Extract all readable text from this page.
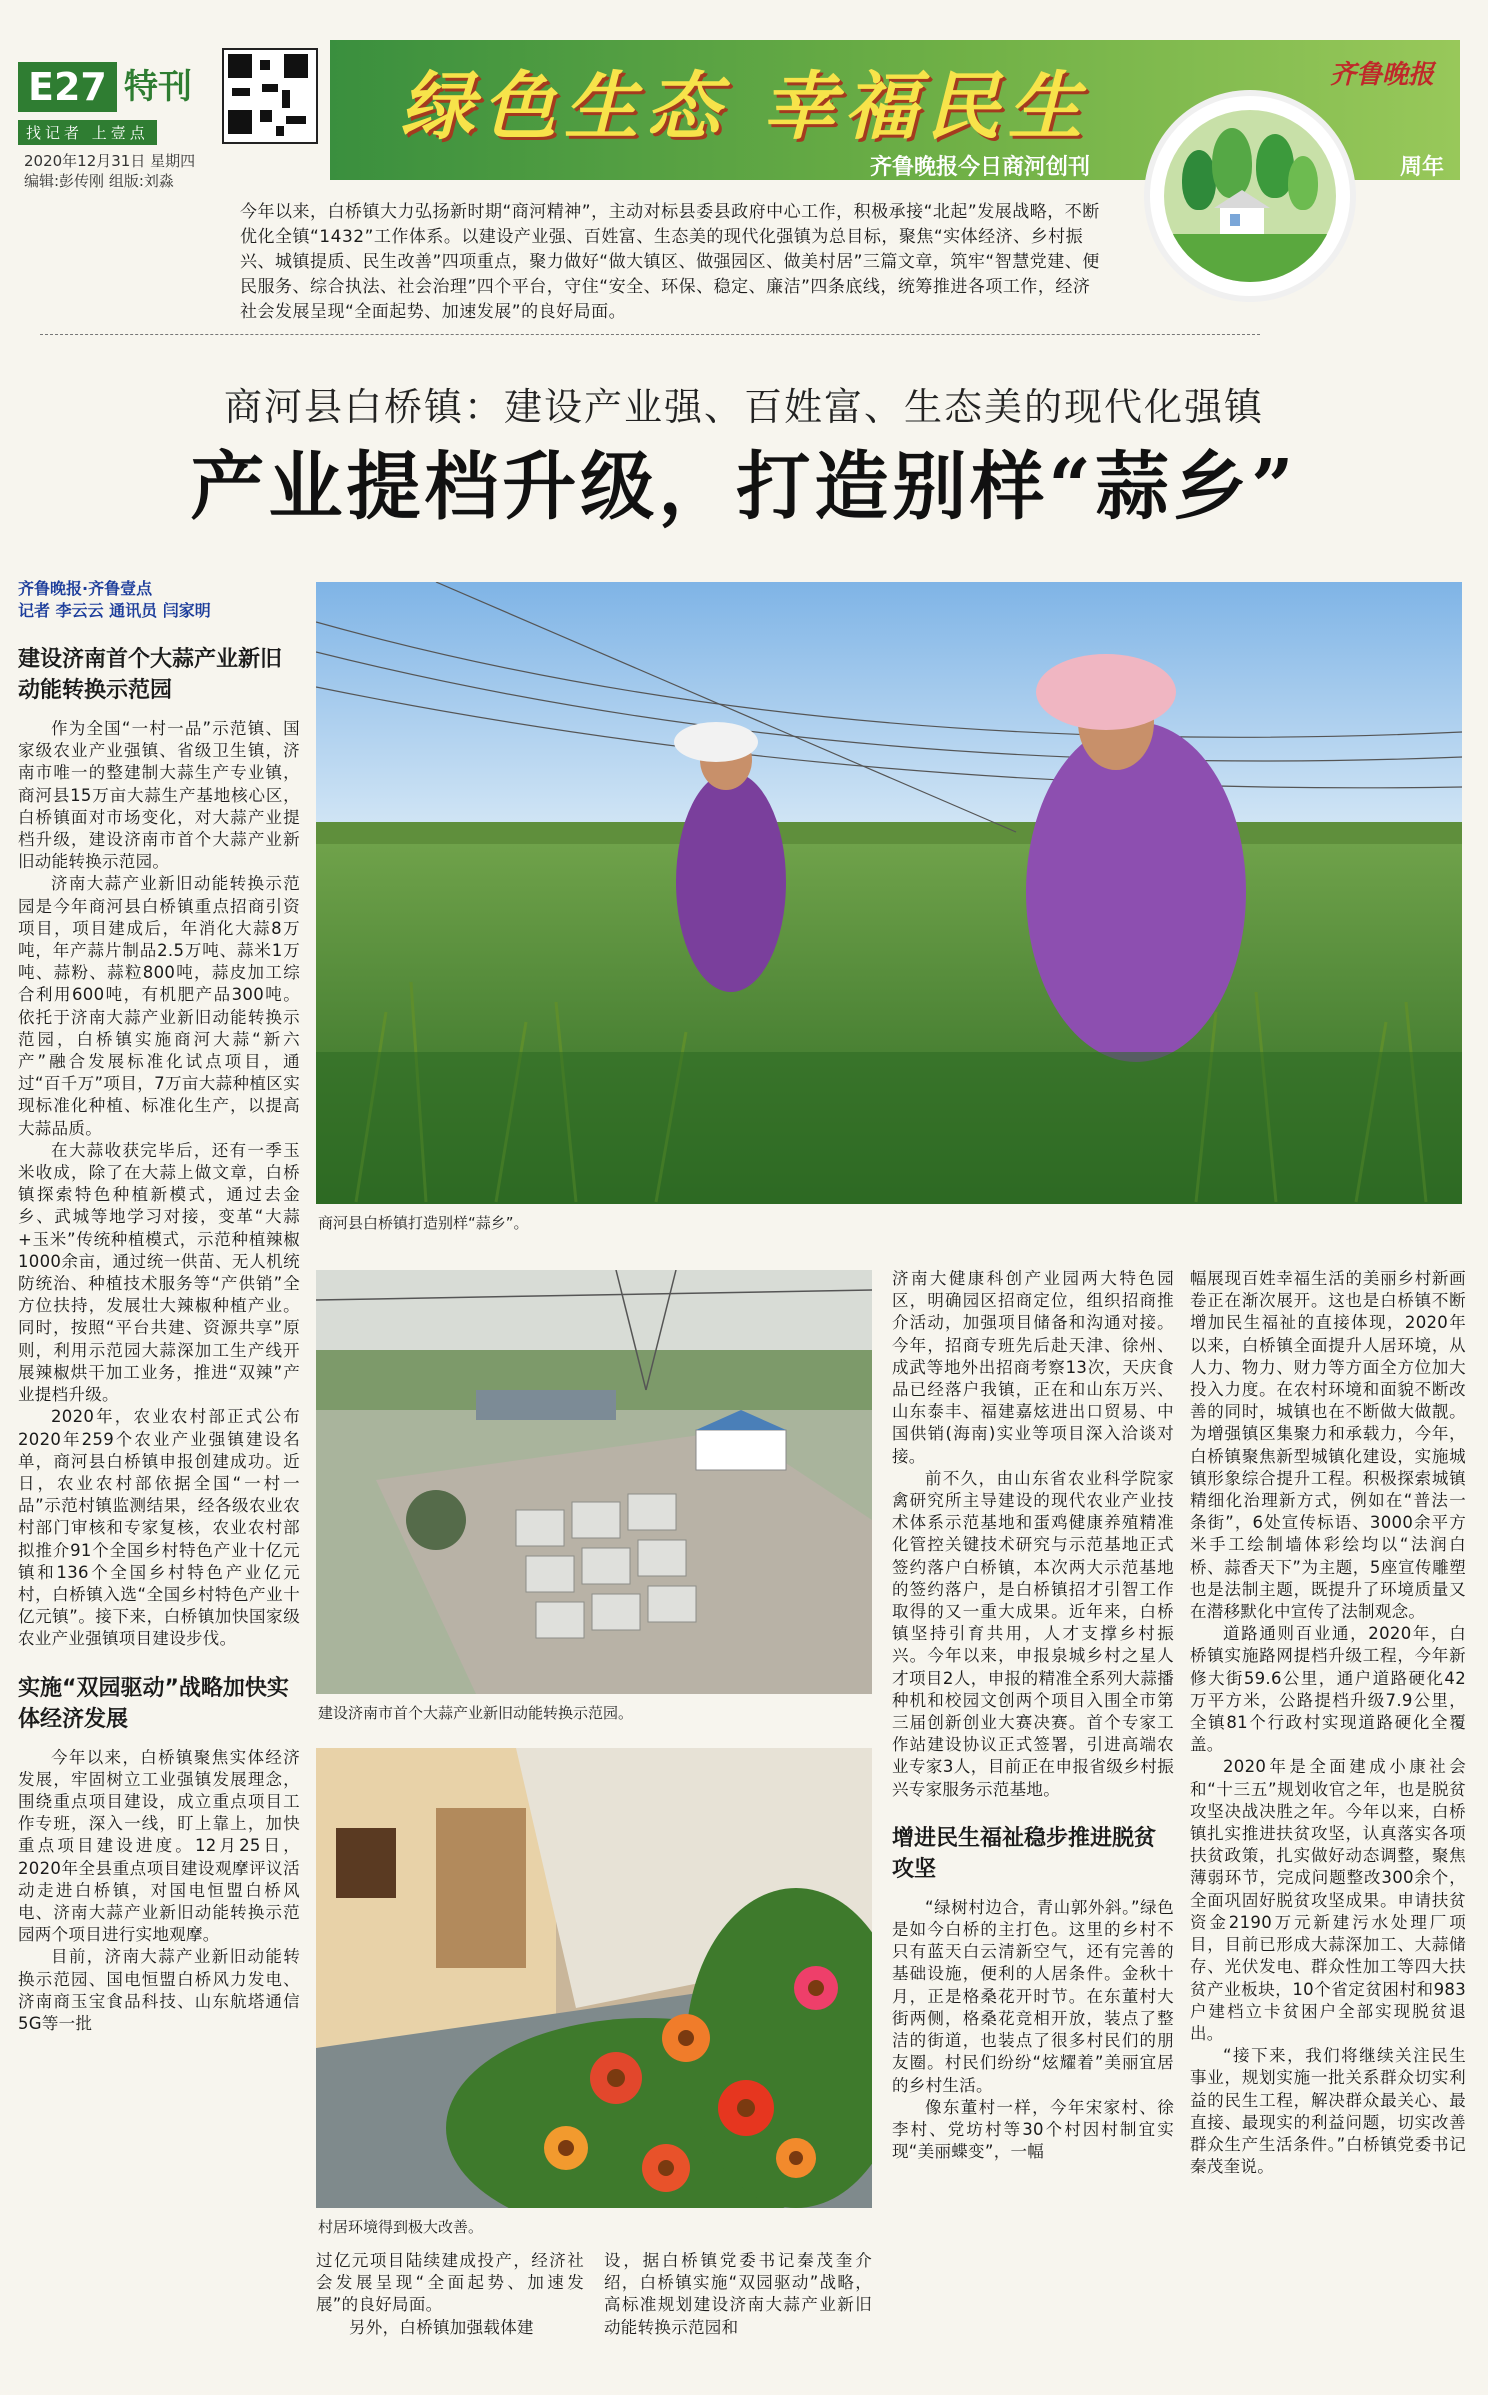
E27 特刊
找记者 上壹点
2020年12月31日 星期四
编辑:彭传刚 组版:刘淼
绿色生态 幸福民生
齐鲁晚报今日商河创刊	周年
齐鲁晚报
今年以来，白桥镇大力弘扬新时期“商河精神”，主动对标县委县政府中心工作，积极承接“北起”发展战略，不断优化全镇“1432”工作体系。以建设产业强、百姓富、生态美的现代化强镇为总目标，聚焦“实体经济、乡村振兴、城镇提质、民生改善”四项重点，聚力做好“做大镇区、做强园区、做美村居”三篇文章，筑牢“智慧党建、便民服务、综合执法、社会治理”四个平台，守住“安全、环保、稳定、廉洁”四条底线，统筹推进各项工作，经济社会发展呈现“全面起势、加速发展”的良好局面。
商河县白桥镇：建设产业强、百姓富、生态美的现代化强镇
产业提档升级，打造别样“蒜乡”
齐鲁晚报·齐鲁壹点
记者 李云云 通讯员 闫家明
建设济南首个大蒜产业新旧动能转换示范园

作为全国“一村一品”示范镇、国家级农业产业强镇、省级卫生镇，济南市唯一的整建制大蒜生产专业镇，商河县15万亩大蒜生产基地核心区，白桥镇面对市场变化，对大蒜产业提档升级，建设济南市首个大蒜产业新旧动能转换示范园。

济南大蒜产业新旧动能转换示范园是今年商河县白桥镇重点招商引资项目，项目建成后，年消化大蒜8万吨，年产蒜片制品2.5万吨、蒜米1万吨、蒜粉、蒜粒800吨，蒜皮加工综合利用600吨，有机肥产品300吨。依托于济南大蒜产业新旧动能转换示范园，白桥镇实施商河大蒜“新六产”融合发展标准化试点项目，通过“百千万”项目，7万亩大蒜种植区实现标准化种植、标准化生产，以提高大蒜品质。

在大蒜收获完毕后，还有一季玉米收成，除了在大蒜上做文章，白桥镇探索特色种植新模式，通过去金乡、武城等地学习对接，变革“大蒜+玉米”传统种植模式，示范种植辣椒1000余亩，通过统一供苗、无人机统防统治、种植技术服务等“产供销”全方位扶持，发展壮大辣椒种植产业。同时，按照“平台共建、资源共享”原则，利用示范园大蒜深加工生产线开展辣椒烘干加工业务，推进“双辣”产业提档升级。

2020年，农业农村部正式公布2020年259个农业产业强镇建设名单，商河县白桥镇申报创建成功。近日，农业农村部依据全国“一村一品”示范村镇监测结果，经各级农业农村部门审核和专家复核，农业农村部拟推介91个全国乡村特色产业十亿元镇和136个全国乡村特色产业亿元村，白桥镇入选“全国乡村特色产业十亿元镇”。接下来，白桥镇加快国家级农业产业强镇项目建设步伐。

实施“双园驱动”战略加快实体经济发展

今年以来，白桥镇聚焦实体经济发展，牢固树立工业强镇发展理念，围绕重点项目建设，成立重点项目工作专班，深入一线，盯上靠上，加快重点项目建设进度。12月25日，2020年全县重点项目建设观摩评议活动走进白桥镇，对国电恒盟白桥风电、济南大蒜产业新旧动能转换示范园两个项目进行实地观摩。

目前，济南大蒜产业新旧动能转换示范园、国电恒盟白桥风力发电、济南商玉宝食品科技、山东航塔通信5G等一批

商河县白桥镇打造别样“蒜乡”。
建设济南市首个大蒜产业新旧动能转换示范园。
村居环境得到极大改善。

过亿元项目陆续建成投产，经济社会发展呈现“全面起势、加速发展”的良好局面。

另外，白桥镇加强载体建

设，据白桥镇党委书记秦茂奎介绍，白桥镇实施“双园驱动”战略，高标准规划建设济南大蒜产业新旧动能转换示范园和

济南大健康科创产业园两大特色园区，明确园区招商定位，组织招商推介活动，加强项目储备和沟通对接。今年，招商专班先后赴天津、徐州、成武等地外出招商考察13次，天庆食品已经落户我镇，正在和山东万兴、山东泰丰、福建嘉炫进出口贸易、中国供销(海南)实业等项目深入洽谈对接。

前不久，由山东省农业科学院家禽研究所主导建设的现代农业产业技术体系示范基地和蛋鸡健康养殖精准化管控关键技术研究与示范基地正式签约落户白桥镇，本次两大示范基地的签约落户，是白桥镇招才引智工作取得的又一重大成果。近年来，白桥镇坚持引育共用，人才支撑乡村振兴。今年以来，申报泉城乡村之星人才项目2人，申报的精准全系列大蒜播种机和校园文创两个项目入围全市第三届创新创业大赛决赛。首个专家工作站建设协议正式签署，引进高端农业专家3人，目前正在申报省级乡村振兴专家服务示范基地。

增进民生福祉稳步推进脱贫攻坚

“绿树村边合，青山郭外斜。”绿色是如今白桥的主打色。这里的乡村不只有蓝天白云清新空气，还有完善的基础设施，便利的人居条件。金秋十月，正是格桑花开时节。在东董村大街两侧，格桑花竞相开放，装点了整洁的街道，也装点了很多村民们的朋友圈。村民们纷纷“炫耀着”美丽宜居的乡村生活。

像东董村一样，今年宋家村、徐李村、党坊村等30个村因村制宜实现“美丽蝶变”，一幅

幅展现百姓幸福生活的美丽乡村新画卷正在渐次展开。这也是白桥镇不断增加民生福祉的直接体现，2020年以来，白桥镇全面提升人居环境，从人力、物力、财力等方面全方位加大投入力度。在农村环境和面貌不断改善的同时，城镇也在不断做大做靓。为增强镇区集聚力和承载力，今年，白桥镇聚焦新型城镇化建设，实施城镇形象综合提升工程。积极探索城镇精细化治理新方式，例如在“普法一条街”，6处宣传标语、3000余平方米手工绘制墙体彩绘均以“法润白桥、蒜香天下”为主题，5座宣传雕塑也是法制主题，既提升了环境质量又在潜移默化中宣传了法制观念。

道路通则百业通，2020年，白桥镇实施路网提档升级工程，今年新修大街59.6公里，通户道路硬化42万平方米，公路提档升级7.9公里，全镇81个行政村实现道路硬化全覆盖。

2020年是全面建成小康社会和“十三五”规划收官之年，也是脱贫攻坚决战决胜之年。今年以来，白桥镇扎实推进扶贫攻坚，认真落实各项扶贫政策，扎实做好动态调整，聚焦薄弱环节，完成问题整改300余个，全面巩固好脱贫攻坚成果。申请扶贫资金2190万元新建污水处理厂项目，目前已形成大蒜深加工、大蒜储存、光伏发电、群众性加工等四大扶贫产业板块，10个省定贫困村和983户建档立卡贫困户全部实现脱贫退出。

“接下来，我们将继续关注民生事业，规划实施一批关系群众切实利益的民生工程，解决群众最关心、最直接、最现实的利益问题，切实改善群众生产生活条件。”白桥镇党委书记秦茂奎说。
